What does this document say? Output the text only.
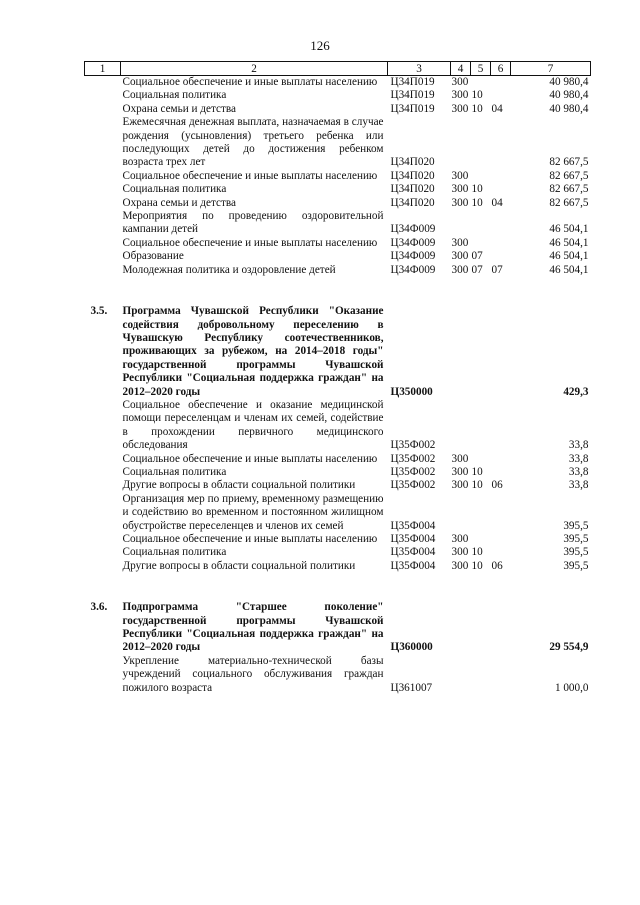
126
1	2	3	4	5	6	7
	Социальное обеспечение и иные выплаты населению	Ц34П019	300			40 980,4
	Социальная политика	Ц34П019	300	10		40 980,4
	Охрана семьи и детства	Ц34П019	300	10	04	40 980,4
	Ежемесячная денежная выплата, назначаемая в случае рождения (усыновления) третьего ребенка или последующих детей до достижения ребенком возраста трех лет	Ц34П020				82 667,5
	Социальное обеспечение и иные выплаты населению	Ц34П020	300			82 667,5
	Социальная политика	Ц34П020	300	10		82 667,5
	Охрана семьи и детства	Ц34П020	300	10	04	82 667,5
	Мероприятия по проведению оздоровительной кампании детей	Ц34Ф009				46 504,1
	Социальное обеспечение и иные выплаты населению	Ц34Ф009	300			46 504,1
	Образование	Ц34Ф009	300	07		46 504,1
	Молодежная политика и оздоровление детей	Ц34Ф009	300	07	07	46 504,1

3.5.	Программа Чувашской Республики "Оказание содействия добровольному переселению в Чувашскую Республику соотечественников, проживающих за рубежом, на 2014–2018 годы" государственной программы Чувашской Республики "Социальная поддержка граждан" на 2012–2020 годы	Ц350000				429,3
	Социальное обеспечение и оказание медицинской помощи переселенцам и членам их семей, содействие в прохождении первичного медицинского обследования	Ц35Ф002				33,8
	Социальное обеспечение и иные выплаты населению	Ц35Ф002	300			33,8
	Социальная политика	Ц35Ф002	300	10		33,8
	Другие вопросы в области социальной политики	Ц35Ф002	300	10	06	33,8
	Организация мер по приему, временному размещению и содействию во временном и постоянном жилищном обустройстве переселенцев и членов их семей	Ц35Ф004				395,5
	Социальное обеспечение и иные выплаты населению	Ц35Ф004	300			395,5
	Социальная политика	Ц35Ф004	300	10		395,5
	Другие вопросы в области социальной политики	Ц35Ф004	300	10	06	395,5

3.6.	Подпрограмма "Старшее поколение" государственной программы Чувашской Республики "Социальная поддержка граждан" на 2012–2020 годы	Ц360000				29 554,9
	Укрепление материально-технической базы учреждений социального обслуживания граждан пожилого возраста	Ц361007				1 000,0
